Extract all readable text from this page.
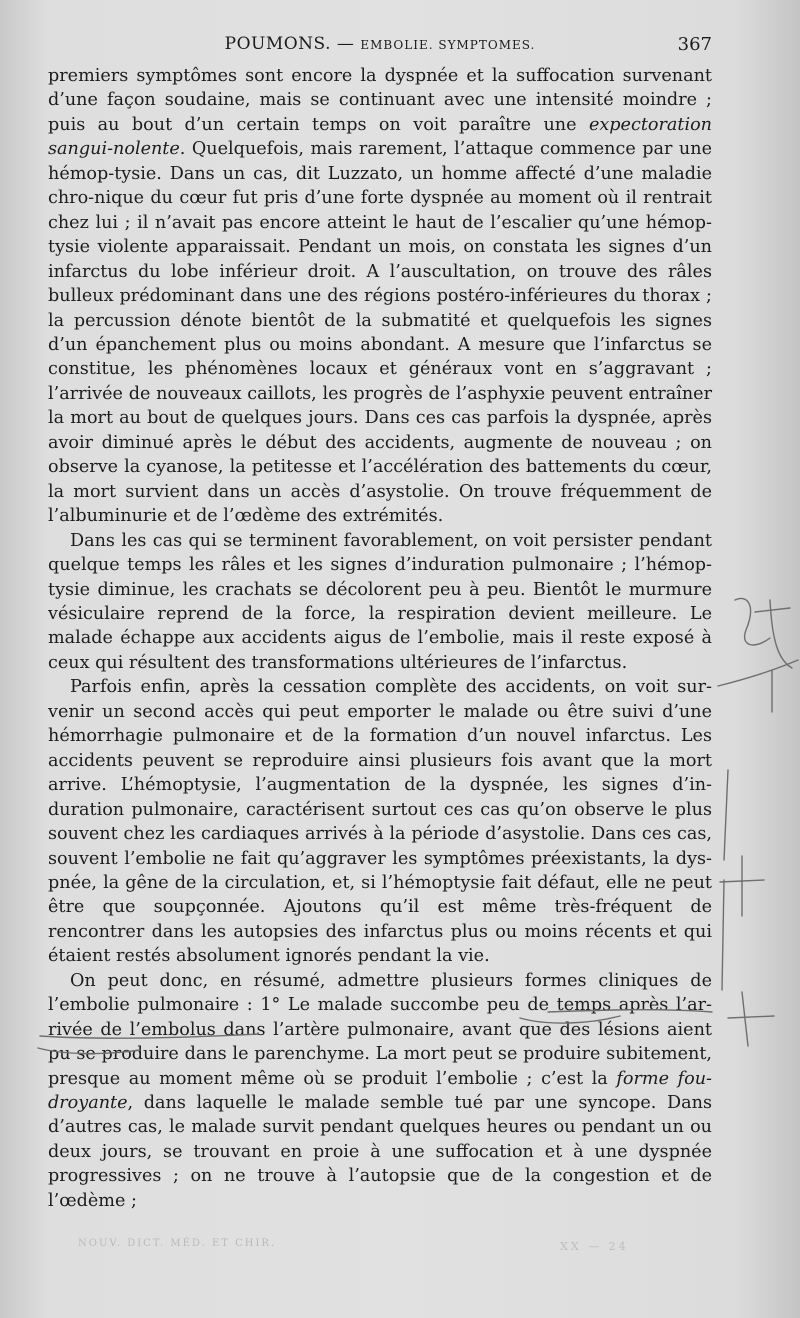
POUMONS. — EMBOLIE. SYMPTOMES.	367

premiers symptômes sont encore la dyspnée et la suffocation survenant d’une façon soudaine, mais se continuant avec une intensité moindre ; puis au bout d’un certain temps on voit paraître une expectoration sangui-nolente. Quelquefois, mais rarement, l’attaque commence par une hémop-tysie. Dans un cas, dit Luzzato, un homme affecté d’une maladie chro-nique du cœur fut pris d’une forte dyspnée au moment où il rentrait chez lui ; il n’avait pas encore atteint le haut de l’escalier qu’une hémop-tysie violente apparaissait. Pendant un mois, on constata les signes d’un infarctus du lobe inférieur droit. A l’auscultation, on trouve des râles bulleux prédominant dans une des régions postéro-inférieures du thorax ; la percussion dénote bientôt de la submatité et quelquefois les signes d’un épanchement plus ou moins abondant. A mesure que l’infarctus se constitue, les phénomènes locaux et généraux vont en s’aggravant ; l’arrivée de nouveaux caillots, les progrès de l’asphyxie peuvent entraîner la mort au bout de quelques jours. Dans ces cas parfois la dyspnée, après avoir diminué après le début des accidents, augmente de nouveau ; on observe la cyanose, la petitesse et l’accélération des battements du cœur, la mort survient dans un accès d’asystolie. On trouve fréquemment de l’albuminurie et de l’œdème des extrémités.

Dans les cas qui se terminent favorablement, on voit persister pendant quelque temps les râles et les signes d’induration pulmonaire ; l’hémop-tysie diminue, les crachats se décolorent peu à peu. Bientôt le murmure vésiculaire reprend de la force, la respiration devient meilleure. Le malade échappe aux accidents aigus de l’embolie, mais il reste exposé à ceux qui résultent des transformations ultérieures de l’infarctus.

Parfois enfin, après la cessation complète des accidents, on voit sur-venir un second accès qui peut emporter le malade ou être suivi d’une hémorrhagie pulmonaire et de la formation d’un nouvel infarctus. Les accidents peuvent se reproduire ainsi plusieurs fois avant que la mort arrive. L’hémoptysie, l’augmentation de la dyspnée, les signes d’in-duration pulmonaire, caractérisent surtout ces cas qu’on observe le plus souvent chez les cardiaques arrivés à la période d’asystolie. Dans ces cas, souvent l’embolie ne fait qu’aggraver les symptômes préexistants, la dys-pnée, la gêne de la circulation, et, si l’hémoptysie fait défaut, elle ne peut être que soupçonnée. Ajoutons qu’il est même très-fréquent de rencontrer dans les autopsies des infarctus plus ou moins récents et qui étaient restés absolument ignorés pendant la vie.

On peut donc, en résumé, admettre plusieurs formes cliniques de l’embolie pulmonaire : 1° Le malade succombe peu de temps après l’ar-rivée de l’embolus dans l’artère pulmonaire, avant que des lésions aient pu se produire dans le parenchyme. La mort peut se produire subitement, presque au moment même où se produit l’embolie ; c’est la forme fou-droyante, dans laquelle le malade semble tué par une syncope. Dans d’autres cas, le malade survit pendant quelques heures ou pendant un ou deux jours, se trouvant en proie à une suffocation et à une dyspnée progressives ; on ne trouve à l’autopsie que de la congestion et de l’œdème ;

NOUV. DICT. MÉD. ET CHIR.	XX — 24
